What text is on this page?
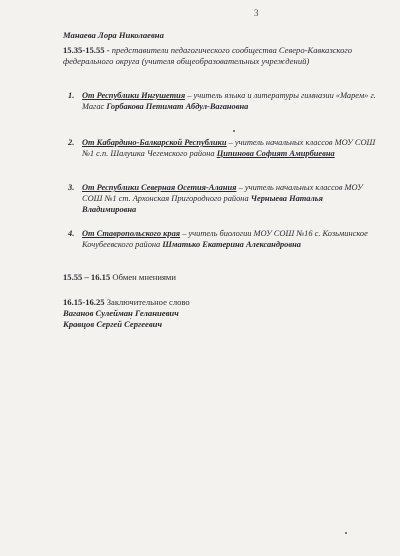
3
Манаева Лора Николаевна
15.35-15.55 - представители педагогического сообщества Северо-Кавказского федерального округа (учителя общеобразовательных учреждений)
1. От Республики Ингушетия – учитель языка и литературы гимназии «Марем» г. Магас Горбакова Петимат Абдул-Вагановна
2. От Кабардино-Балкарской Республики – учитель начальных классов МОУ СОШ №1 с.п. Шалушка Чегемского района Ципинова Софият Амирбиевна
3. От Республики Северная Осетия-Алания – учитель начальных классов МОУ СОШ №1 ст. Архонская Пригородного района Черныева Наталья Владимировна
4. От Ставропольского края – учитель биологии МОУ СОШ №16 с. Козьминское Кочубеевского района Шматько Екатерина Александровна
15.55 – 16.15 Обмен мнениями
16.15-16.25 Заключительное слово
Ваганов Сулейман Геланиевич
Кравцов Сергей Сергеевич
